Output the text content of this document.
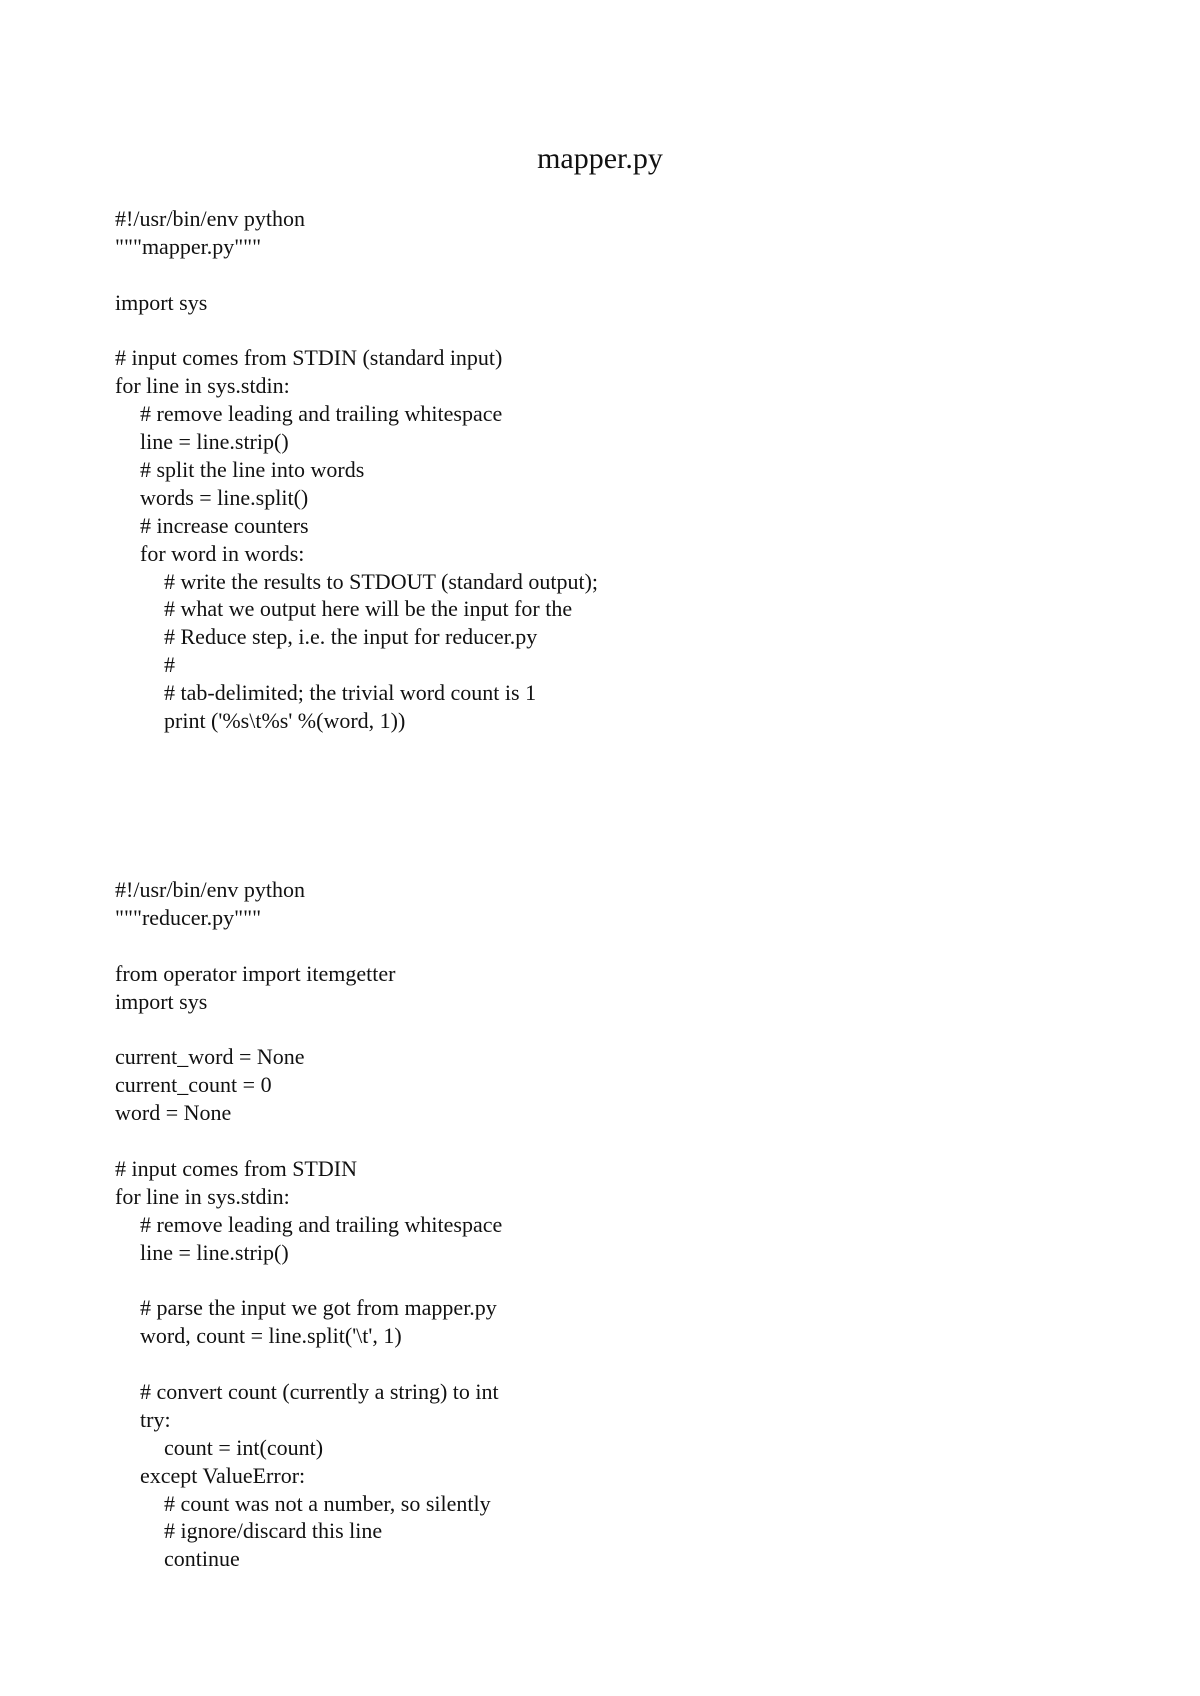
mapper.py
#!/usr/bin/env python
"""mapper.py"""
import sys
# input comes from STDIN (standard input)
for line in sys.stdin:
# remove leading and trailing whitespace
line = line.strip()
# split the line into words
words = line.split()
# increase counters
for word in words:
# write the results to STDOUT (standard output);
# what we output here will be the input for the
# Reduce step, i.e. the input for reducer.py
#
# tab-delimited; the trivial word count is 1
print ('%s\t%s' %(word, 1))
#!/usr/bin/env python
"""reducer.py"""
from operator import itemgetter
import sys
current_word = None
current_count = 0
word = None
# input comes from STDIN
for line in sys.stdin:
# remove leading and trailing whitespace
line = line.strip()
# parse the input we got from mapper.py
word, count = line.split('\t', 1)
# convert count (currently a string) to int
try:
count = int(count)
except ValueError:
# count was not a number, so silently
# ignore/discard this line
continue
